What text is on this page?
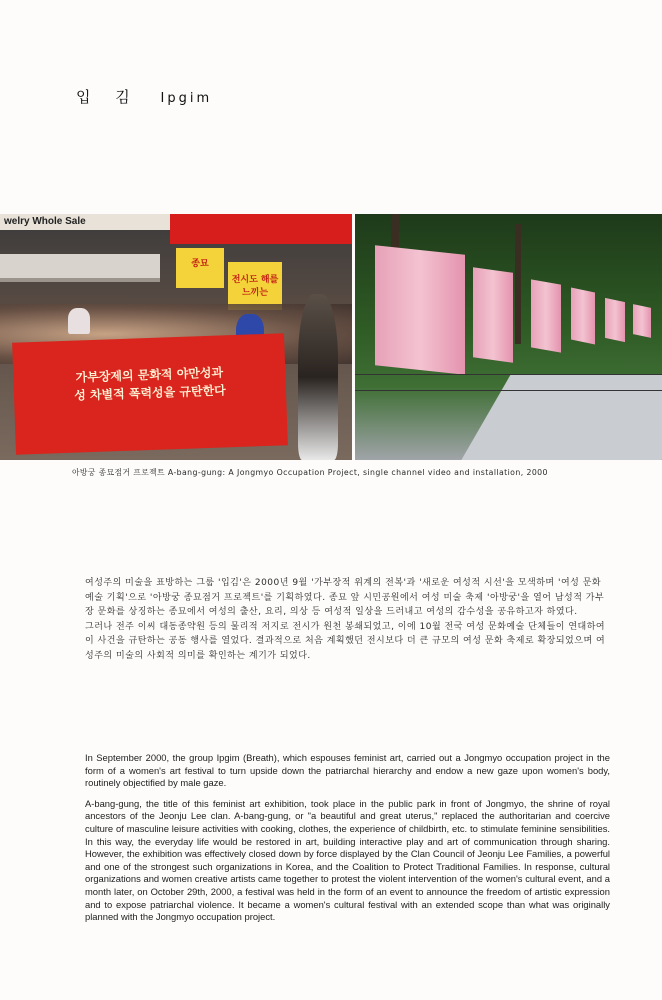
입 김 Ipgim
welry Whole Sale
종묘
전시도 해를 느끼는
가부장제의 문화적 야만성과
성 차별적 폭력성을 규탄한다
아방궁 종묘점거 프로젝트 A-bang-gung: A Jongmyo Occupation Project, single channel video and installation, 2000

여성주의 미술을 표방하는 그룹 '입김'은 2000년 9월 '가부장적 위계의 전복'과 '새로운 여성적 시선'을 모색하며 '여성 문화 예술 기획'으로 '아방궁 종묘점거 프로젝트'를 기획하였다. 종묘 앞 시민공원에서 여성 미술 축제 '아방궁'을 열어 남성적 가부장 문화를 상징하는 종묘에서 여성의 출산, 요리, 의상 등 여성적 일상을 드러내고 여성의 감수성을 공유하고자 하였다.

그러나 전주 이씨 대동종약원 등의 물리적 저지로 전시가 원천 봉쇄되었고, 이에 10월 전국 여성 문화예술 단체들이 연대하여 이 사건을 규탄하는 공동 행사를 열었다. 결과적으로 처음 계획했던 전시보다 더 큰 규모의 여성 문화 축제로 확장되었으며 여성주의 미술의 사회적 의미를 확인하는 계기가 되었다.

In September 2000, the group Ipgim (Breath), which espouses feminist art, carried out a Jongmyo occupation project in the form of a women's art festival to turn upside down the patriarchal hierarchy and endow a new gaze upon women's body, routinely objectified by male gaze.

A-bang-gung, the title of this feminist art exhibition, took place in the public park in front of Jongmyo, the shrine of royal ancestors of the Jeonju Lee clan. A-bang-gung, or "a beautiful and great uterus," replaced the authoritarian and coercive culture of masculine leisure activities with cooking, clothes, the experience of childbirth, etc. to stimulate feminine sensibilities. In this way, the everyday life would be restored in art, building interactive play and art of communication through sharing. However, the exhibition was effectively closed down by force displayed by the Clan Council of Jeonju Lee Families, a powerful and one of the strongest such organizations in Korea, and the Coalition to Protect Traditional Families. In response, cultural organizations and women creative artists came together to protest the violent intervention of the women's cultural event, and a month later, on October 29th, 2000, a festival was held in the form of an event to announce the freedom of artistic expression and to expose patriarchal violence. It became a women's cultural festival with an extended scope than what was originally planned with the Jongmyo occupation project.
